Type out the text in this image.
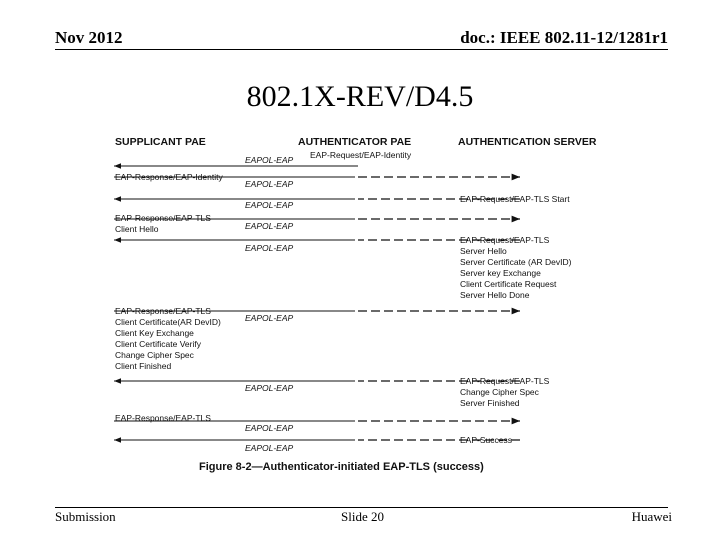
Nov 2012	doc.: IEEE 802.11-12/1281r1
802.1X-REV/D4.5
SUPPLICANT PAE	AUTHENTICATOR PAE	AUTHENTICATION SERVER
EAPOL-EAP EAP-Request/EAP-Identity
EAP-Response/EAP-Identity
EAPOL-EAP
EAP-Request/EAP-TLS Start
EAPOL-EAP
EAP-Response/EAP-TLS
Client Hello	EAPOL-EAP
EAP-Request/EAP-TLS
Server Hello
Server Certificate (AR DevID)
Server key Exchange
Client Certificate Request
Server Hello Done
EAPOL-EAP
EAP-Response/EAP-TLS
Client Certificate(AR DevID)
Client Key Exchange
Client Certificate Verify
Change Cipher Spec
Client Finished
EAPOL-EAP
EAP-Request/EAP-TLS
Change Cipher Spec
Server Finished
EAPOL-EAP
EAP-Response/EAP-TLS
EAPOL-EAP
EAP-Success
EAPOL-EAP
Figure 8-2—Authenticator-initiated EAP-TLS (success)
Submission	Slide 20	Huawei
